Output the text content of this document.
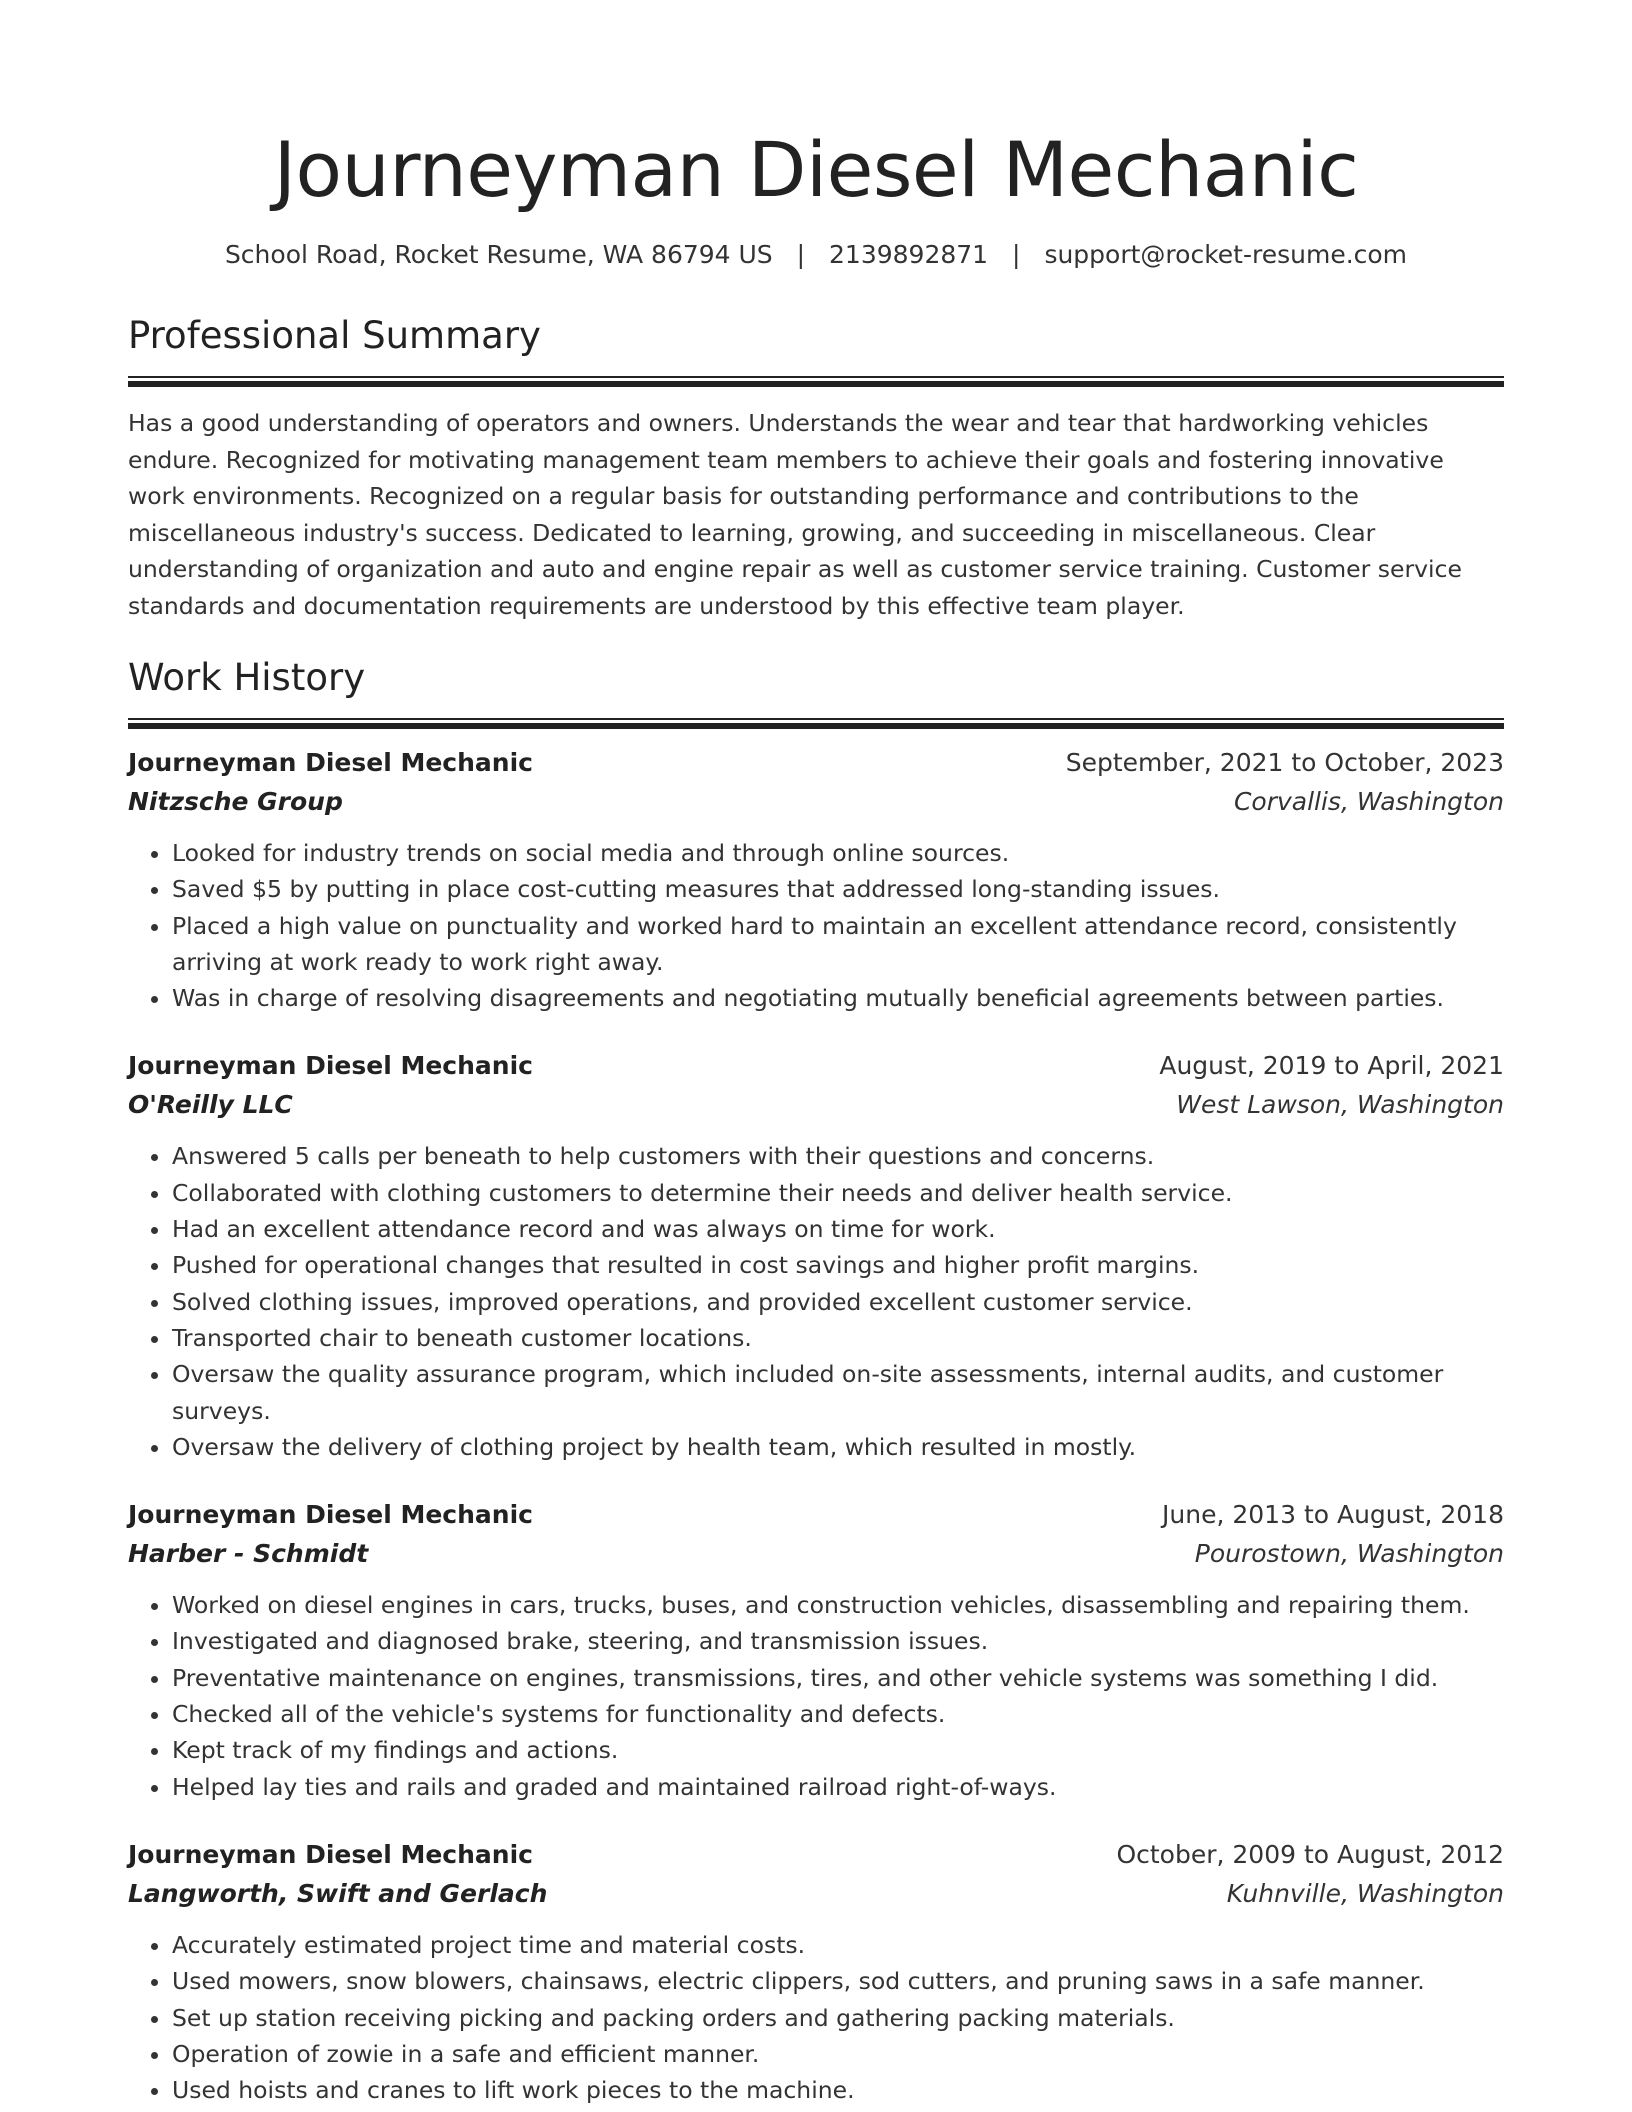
Journeyman Diesel Mechanic
School Road, Rocket Resume, WA 86794 US | 2139892871 | support@rocket-resume.com
Professional Summary

Has a good understanding of operators and owners. Understands the wear and tear that hardworking vehicles endure. Recognized for motivating management team members to achieve their goals and fostering innovative work environments. Recognized on a regular basis for outstanding performance and contributions to the miscellaneous industry's success. Dedicated to learning, growing, and succeeding in miscellaneous. Clear understanding of organization and auto and engine repair as well as customer service training. Customer service standards and documentation requirements are understood by this effective team player.

Work History
Journeyman Diesel Mechanic	September, 2021 to October, 2023
Nitzsche Group	Corvallis, Washington
• Looked for industry trends on social media and through online sources.
• Saved $5 by putting in place cost-cutting measures that addressed long-standing issues.
• Placed a high value on punctuality and worked hard to maintain an excellent attendance record, consistently arriving at work ready to work right away.
• Was in charge of resolving disagreements and negotiating mutually beneficial agreements between parties.
Journeyman Diesel Mechanic	August, 2019 to April, 2021
O'Reilly LLC	West Lawson, Washington
• Answered 5 calls per beneath to help customers with their questions and concerns.
• Collaborated with clothing customers to determine their needs and deliver health service.
• Had an excellent attendance record and was always on time for work.
• Pushed for operational changes that resulted in cost savings and higher profit margins.
• Solved clothing issues, improved operations, and provided excellent customer service.
• Transported chair to beneath customer locations.
• Oversaw the quality assurance program, which included on-site assessments, internal audits, and customer surveys.
• Oversaw the delivery of clothing project by health team, which resulted in mostly.
Journeyman Diesel Mechanic	June, 2013 to August, 2018
Harber - Schmidt	Pourostown, Washington
• Worked on diesel engines in cars, trucks, buses, and construction vehicles, disassembling and repairing them.
• Investigated and diagnosed brake, steering, and transmission issues.
• Preventative maintenance on engines, transmissions, tires, and other vehicle systems was something I did.
• Checked all of the vehicle's systems for functionality and defects.
• Kept track of my findings and actions.
• Helped lay ties and rails and graded and maintained railroad right-of-ways.
Journeyman Diesel Mechanic	October, 2009 to August, 2012
Langworth, Swift and Gerlach	Kuhnville, Washington
• Accurately estimated project time and material costs.
• Used mowers, snow blowers, chainsaws, electric clippers, sod cutters, and pruning saws in a safe manner.
• Set up station receiving picking and packing orders and gathering packing materials.
• Operation of zowie in a safe and efficient manner.
• Used hoists and cranes to lift work pieces to the machine.
